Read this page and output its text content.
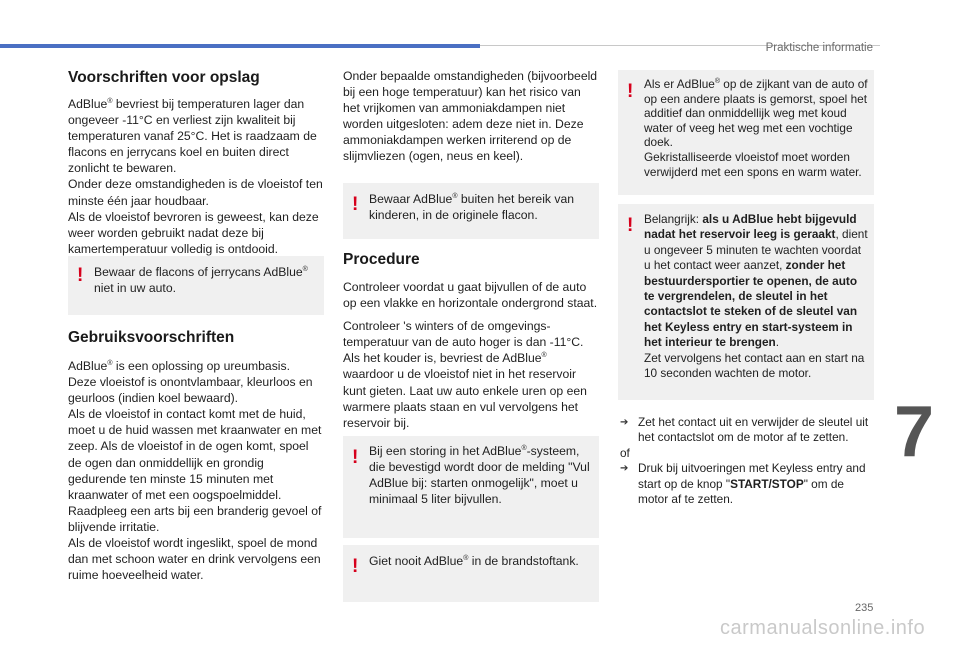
Praktische informatie
7
235
carmanualsonline.info
Voorschriften voor opslag

AdBlue® bevriest bij temperaturen lager dan ongeveer -11°C en verliest zijn kwaliteit bij temperaturen vanaf 25°C. Het is raadzaam de flacons en jerrycans koel en buiten direct zonlicht te bewaren.

Onder deze omstandigheden is de vloeistof ten minste één jaar houdbaar.

Als de vloeistof bevroren is geweest, kan deze weer worden gebruikt nadat deze bij kamertemperatuur volledig is ontdooid.

! Bewaar de flacons of jerrycans AdBlue® niet in uw auto.

Gebruiksvoorschriften

AdBlue® is een oplossing op ureumbasis.

Deze vloeistof is onontvlambaar, kleurloos en geurloos (indien koel bewaard).

Als de vloeistof in contact komt met de huid, moet u de huid wassen met kraanwater en met zeep. Als de vloeistof in de ogen komt, spoel de ogen dan onmiddellijk en grondig gedurende ten minste 15 minuten met kraanwater of met een oogspoelmiddel. Raadpleeg een arts bij een branderig gevoel of blijvende irritatie.

Als de vloeistof wordt ingeslikt, spoel de mond dan met schoon water en drink vervolgens een ruime hoeveelheid water.

Onder bepaalde omstandigheden (bijvoorbeeld bij een hoge temperatuur) kan het risico van het vrijkomen van ammoniakdampen niet worden uitgesloten: adem deze niet in. Deze ammoniakdampen werken irriterend op de slijmvliezen (ogen, neus en keel).

! Bewaar AdBlue® buiten het bereik van kinderen, in de originele flacon.

Procedure

Controleer voordat u gaat bijvullen of de auto op een vlakke en horizontale ondergrond staat.

Controleer 's winters of de omgevings-temperatuur van de auto hoger is dan -11°C. Als het kouder is, bevriest de AdBlue® waardoor u de vloeistof niet in het reservoir kunt gieten. Laat uw auto enkele uren op een warmere plaats staan en vul vervolgens het reservoir bij.

! Bij een storing in het AdBlue®-systeem, die bevestigd wordt door de melding "Vul AdBlue bij: starten onmogelijk", moet u minimaal 5 liter bijvullen.

! Giet nooit AdBlue® in de brandstoftank.

! Als er AdBlue® op de zijkant van de auto of op een andere plaats is gemorst, spoel het additief dan onmiddellijk weg met koud water of veeg het weg met een vochtige doek.

Gekristalliseerde vloeistof moet worden verwijderd met een spons en warm water.

! Belangrijk: als u AdBlue hebt bijgevuld nadat het reservoir leeg is geraakt, dient u ongeveer 5 minuten te wachten voordat u het contact weer aanzet, zonder het bestuurdersportier te openen, de auto te vergrendelen, de sleutel in het contactslot te steken of de sleutel van het Keyless entry en start-systeem in het interieur te brengen.

Zet vervolgens het contact aan en start na 10 seconden wachten de motor.

➔ Zet het contact uit en verwijder de sleutel uit het contactslot om de motor af te zetten.

of

➔ Druk bij uitvoeringen met Keyless entry and start op de knop "START/STOP" om de motor af te zetten.
